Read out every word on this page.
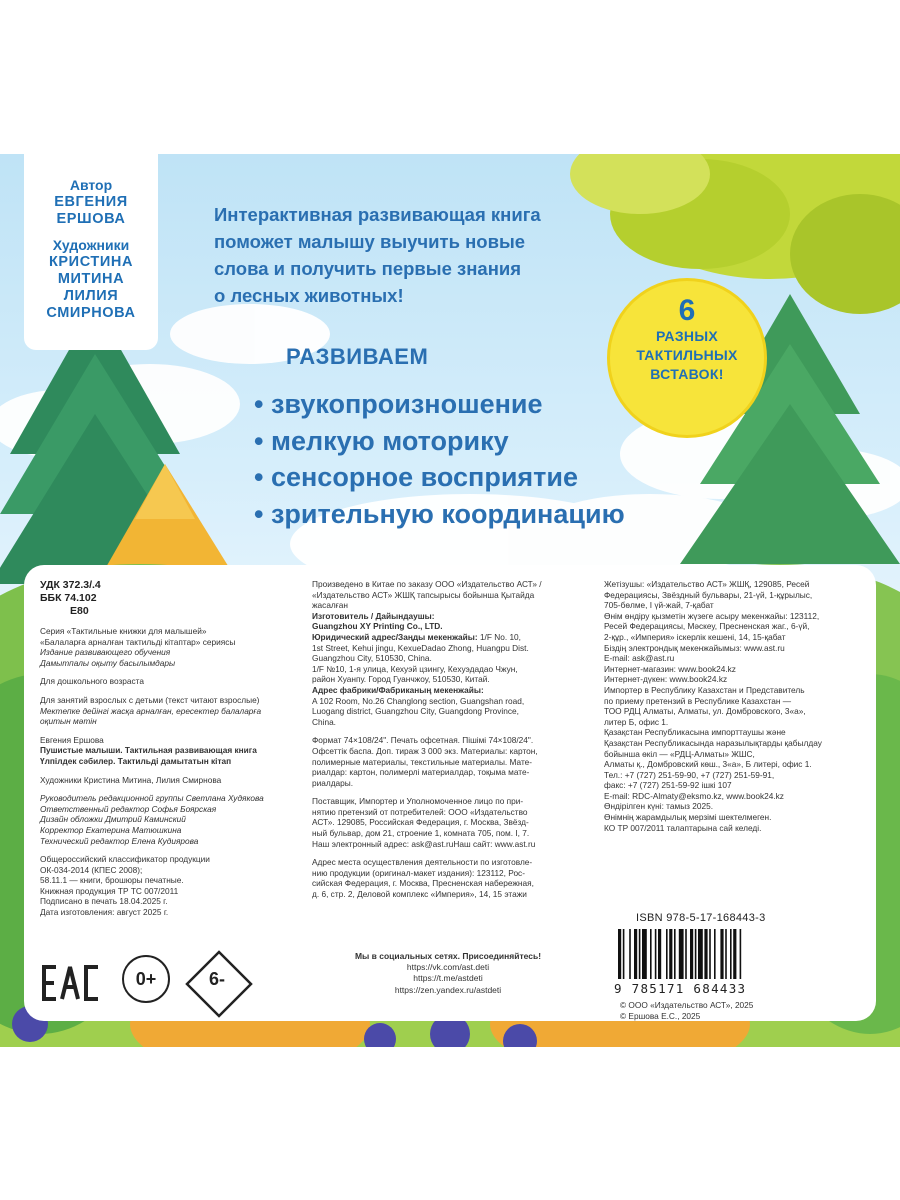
Автор
ЕВГЕНИЯ
ЕРШОВА
Художники
КРИСТИНА
МИТИНА
ЛИЛИЯ
СМИРНОВА
Интерактивная развивающая книга
поможет малышу выучить новые
слова и получить первые знания
о лесных животных!	6
РАЗНЫХ
ТАКТИЛЬНЫХ
ВСТАВОК!
РАЗВИВАЕМ
• звукопроизношение
• мелкую моторику
• сенсорное восприятие
• зрительную координацию

УДК 372.3/.4

ББК 74.102

Е80

Серия «Тактильные книжки для малышей»

«Балаларға арналған тактильді кітаптар» сериясы

Издание развивающего обучения

Дамытпалы оқыту басылымдары

Для дошкольного возраста

Для занятий взрослых с детьми (текст читают взрослые)

Мектепке дейінгі жасқа арналған, ересектер балаларға

оқитын мәтін

Евгения Ершова

Пушистые малыши. Тактильная развивающая книга

Үлпілдек сәбилер. Тактильді дамытатын кітап

Художники Кристина Митина, Лилия Смирнова

Руководитель редакционной группы Светлана Худякова

Ответственный редактор Софья Боярская

Дизайн обложки Дмитрий Каминский

Корректор Екатерина Матюшкина

Технический редактор Елена Кудиярова

Общероссийский классификатор продукции

ОК-034-2014 (КПЕС 2008);

58.11.1 — книги, брошюры печатные.

Книжная продукция ТР ТС 007/2011

Подписано в печать 18.04.2025 г.

Дата изготовления: август 2025 г.

Произведено в Китае по заказу ООО «Издательство АСТ» /

«Издательство АСТ» ЖШҚ тапсырысы бойынша Қытайда

жасалған

Изготовитель / Дайындаушы:

Guangzhou XY Printing Co., LTD.

Юридический адрес/Заңды мекенжайы: 1/F No. 10,

1st Street, Kehui jingu, KexueDadao Zhong, Huangpu Dist.

Guangzhou City, 510530, China.

1/F №10, 1-я улица, Кехуэй цзингу, Кеxуэдадао Чжун,

район Хуанпу. Город Гуанчжоу, 510530, Китай.

Адрес фабрики/Фабриканың мекенжайы:

A 102 Room, No.26 Changlong section, Guangshan road,

Luogang district, Guangzhou City, Guangdong Province,

China.

Формат 74×108/24". Печать офсетная. Пішімі 74×108/24".

Офсеттік баспа. Доп. тираж 3 000 экз. Материалы: картон,

полимерные материалы, текстильные материалы. Мате-

риалдар: картон, полимерлі материалдар, тоқыма мате-

риалдары.

Поставщик, Импортер и Уполномоченное лицо по при-

нятию претензий от потребителей: ООО «Издательство

АСТ». 129085, Российская Федерация, г. Москва, Звёзд-

ный бульвар, дом 21, строение 1, комната 705, пом. I, 7.

Наш электронный адрес: ask@ast.ruНаш сайт: www.ast.ru

Адрес места осуществления деятельности по изготовле-

нию продукции (оригинал-макет издания): 123112, Рос-

сийская Федерация, г. Москва, Пресненская набережная,

д. 6, стр. 2, Деловой комплекс «Империя», 14, 15 этажи

Жетізушы: «Издательство АСТ» ЖШҚ, 129085, Ресей

Федерациясы, Звёздный бульвары, 21-үй, 1-құрылыс,

705-бөлме, I үй-жай, 7-қабат

Өнім өндіру қызметін жүзеге асыру мекенжайы: 123112,

Ресей Федерациясы, Мәскеу, Пресненская жаг., 6-үй,

2-құр., «Империя» іскерлік кешені, 14, 15-қабат

Біздің электрондық мекенжайымыз: www.ast.ru

E-mail: ask@ast.ru

Интернет-магазин: www.book24.kz

Интернет-дүкен: www.book24.kz

Импортер в Республику Казахстан и Представитель

по приему претензий в Республике Казахстан —

ТОО РДЦ Алматы, Алматы, ул. Домбровского, 3«а»,

литер Б, офис 1.

Қазақстан Республикасына импорттаушы және

Қазақстан Республикасында наразылықтарды қабылдау

бойынша өкіл — «РДЦ-Алматы» ЖШС,

Алматы қ., Домбровский көш., 3«а», Б литері, офис 1.

Тел.: +7 (727) 251-59-90, +7 (727) 251-59-91,

факс: +7 (727) 251-59-92 ішкі 107

E-mail: RDC-Almaty@eksmo.kz, www.book24.kz

Өндірілген күні: тамыз 2025.

Өнімнің жарамдылық мерзімі шектелмеген.

КО ТР 007/2011 талаптарына сай келеді.

0+	6-

Мы в социальных сетях. Присоединяйтесь!

https://vk.com/ast.deti

https://t.me/astdeti

https://zen.yandex.ru/astdeti

ISBN 978-5-17-168443-3
9 785171 684433

© ООО «Издательство АСТ», 2025

© Ершова Е.С., 2025
